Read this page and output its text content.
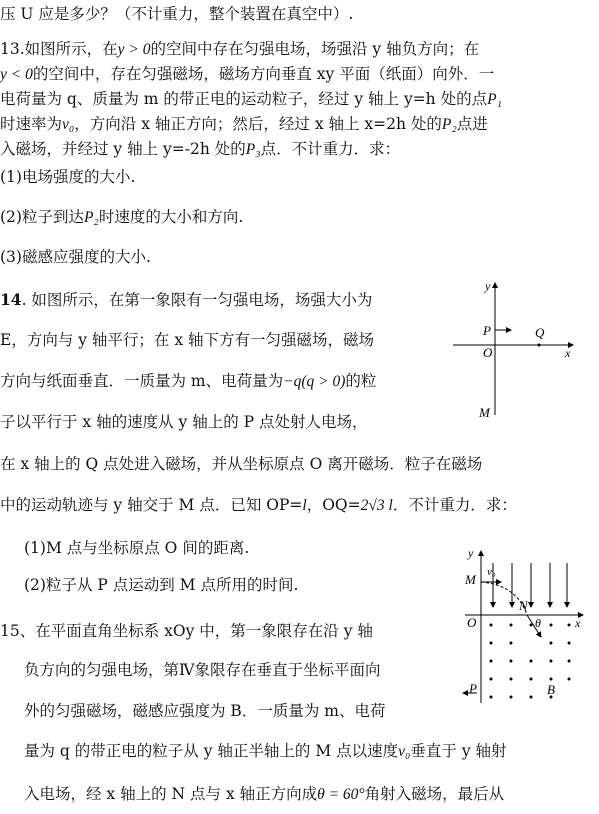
压 U 应是多少？（不计重力，整个装置在真空中）.
13.如图所示，在y > 0的空间中存在匀强电场，场强沿 y 轴负方向；在
y < 0的空间中，存在匀强磁场，磁场方向垂直 xy 平面（纸面）向外．一
电荷量为 q、质量为 m 的带正电的运动粒子，经过 y 轴上 y=h 处的点P₁
时速率为v₀，方向沿 x 轴正方向；然后，经过 x 轴上 x=2h 处的P₂点进
入磁场，并经过 y 轴上 y=-2h 处的P₃点．不计重力．求：
(1)电场强度的大小.
(2)粒子到达P₂时速度的大小和方向.
(3)磁感应强度的大小.
14. 如图所示，在第一象限有一匀强电场，场强大小为
E，方向与 y 轴平行；在 x 轴下方有一匀强磁场，磁场
方向与纸面垂直．一质量为 m、电荷量为−q(q > 0)的粒
子以平行于 x 轴的速度从 y 轴上的 P 点处射人电场，
在 x 轴上的 Q 点处进入磁场，并从坐标原点 O 离开磁场．粒子在磁场
中的运动轨迹与 y 轴交于 M 点．已知 OP=l，OQ=2√3 l．不计重力．求：
(1)M 点与坐标原点 O 间的距离.
(2)粒子从 P 点运动到 M 点所用的时间.
15、在平面直角坐标系 xOy 中，第一象限存在沿 y 轴
负方向的匀强电场，第Ⅳ象限存在垂直于坐标平面向
外的匀强磁场，磁感应强度为 B．一质量为 m、电荷
量为 q 的带正电的粒子从 y 轴正半轴上的 M 点以速度v₀垂直于 y 轴射
入电场，经 x 轴上的 N 点与 x 轴正方向成θ = 60°角射入磁场，最后从
y
x
P	Q
O
M
y
x
M v₀
N
O	θ
P	B
